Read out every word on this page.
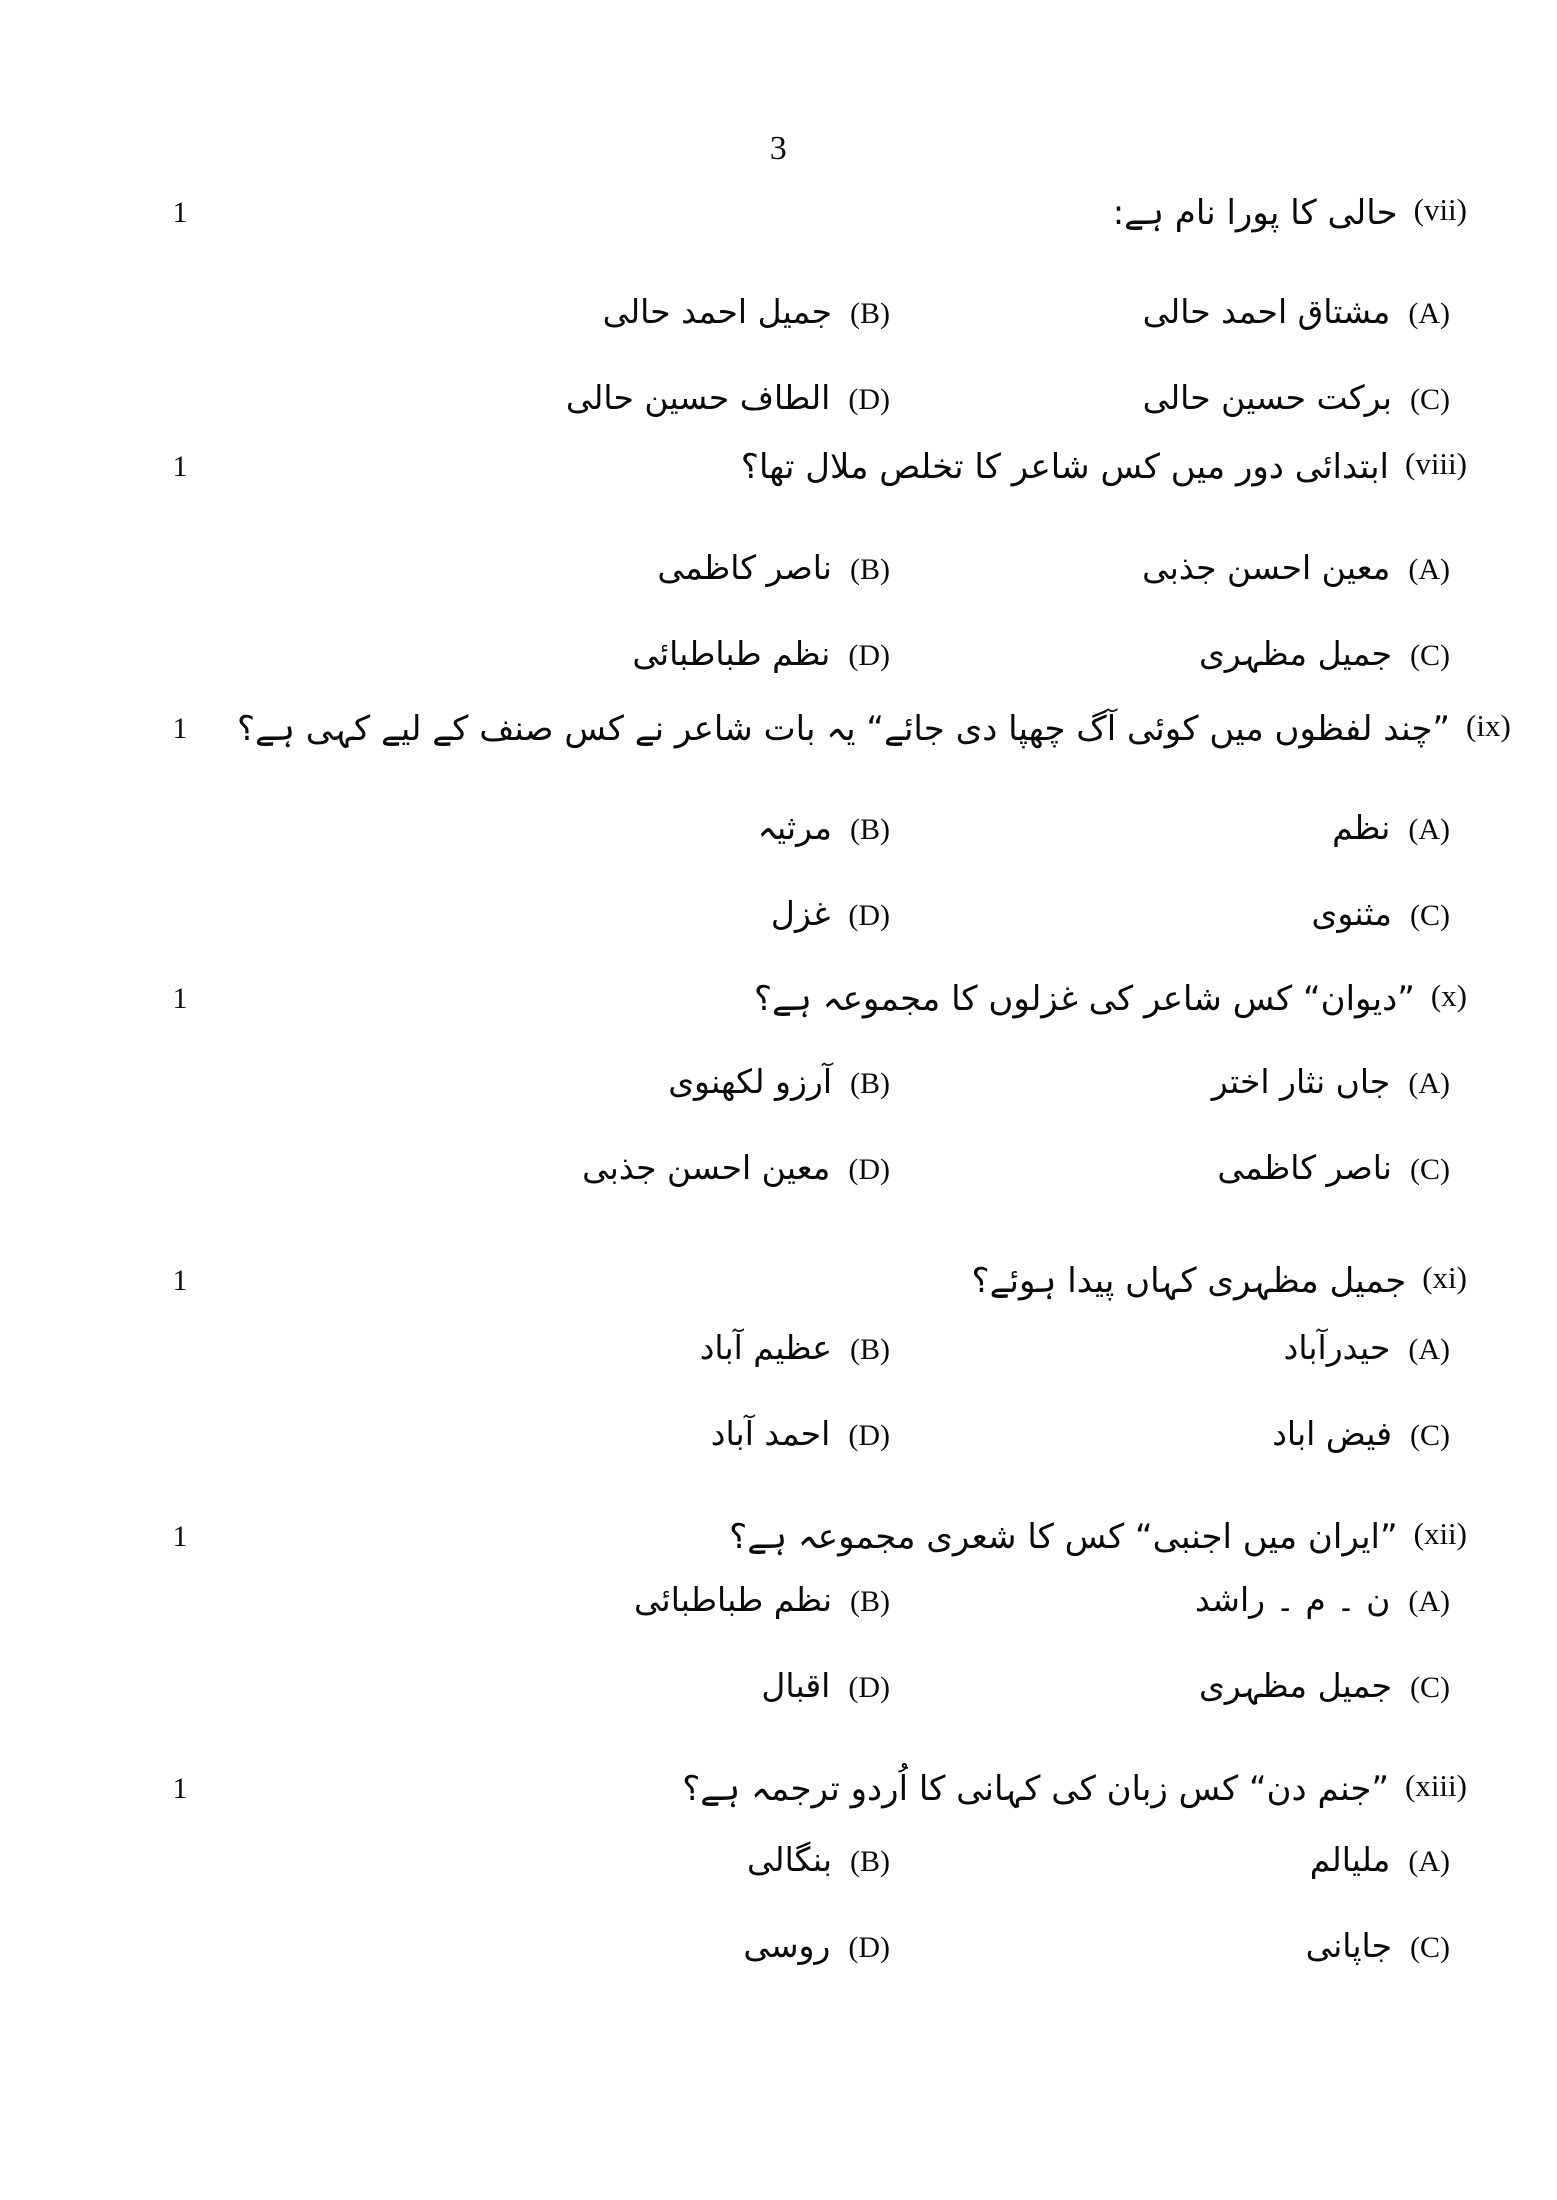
3
1	(vii)
حالی کا پورا نام ہے:
(A)
مشتاق احمد حالی
(B)
جمیل احمد حالی
(C)
برکت حسین حالی
(D)
الطاف حسین حالی
1	(viii)
ابتدائی دور میں کس شاعر کا تخلص ملال تھا؟
(A)
معین احسن جذبی
(B)
ناصر کاظمی
(C)
جمیل مظہری
(D)
نظم طباطبائی
1	(ix)
”چند لفظوں میں کوئی آگ چھپا دی جائے“ یہ بات شاعر نے کس صنف کے لیے کہی ہے؟
(A)
نظم
(B)
مرثیہ
(C)
مثنوی
(D)
غزل
1	(x)
”دیوان“ کس شاعر کی غزلوں کا مجموعہ ہے؟
(A)
جاں نثار اختر
(B)
آرزو لکھنوی
(C)
ناصر کاظمی
(D)
معین احسن جذبی
1	(xi)
جمیل مظہری کہاں پیدا ہوئے؟
(A)
حیدرآباد
(B)
عظیم آباد
(C)
فیض اباد
(D)
احمد آباد
1	(xii)
”ایران میں اجنبی“ کس کا شعری مجموعہ ہے؟
(A)
ن ۔ م ۔ راشد
(B)
نظم طباطبائی
(C)
جمیل مظہری
(D)
اقبال
1	(xiii)
”جنم دن“ کس زبان کی کہانی کا اُردو ترجمہ ہے؟
(A)
ملیالم
(B)
بنگالی
(C)
جاپانی
(D)
روسی
